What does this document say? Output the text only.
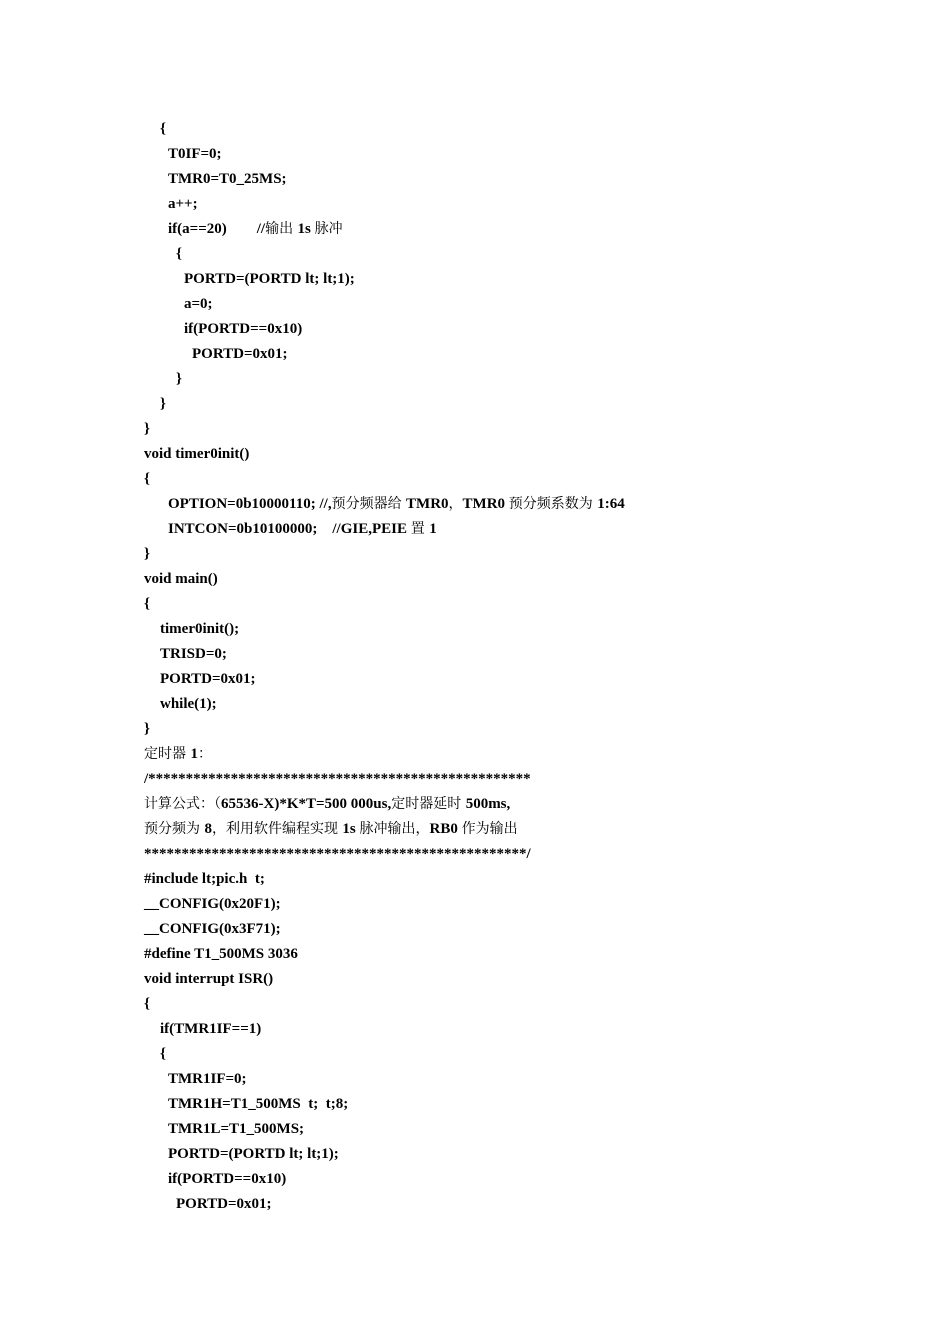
{
T0IF=0;
TMR0=T0_25MS;
a++;
if(a==20)        //输出 1s 脉冲
{
PORTD=(PORTD lt; lt;1);
a=0;
if(PORTD==0x10)
PORTD=0x01;
}
}
}
void timer0init()
{
OPTION=0b10000110; //,预分频器给 TMR0，TMR0 预分频系数为 1:64
INTCON=0b10100000;    //GIE,PEIE 置 1
}
void main()
{
timer0init();
TRISD=0;
PORTD=0x01;
while(1);
}
定时器 1：
/***************************************************
计算公式：（65536-X)*K*T=500 000us,定时器延时 500ms,
预分频为 8，利用软件编程实现 1s 脉冲输出，RB0 作为输出
***************************************************/
#include lt;pic.h  t;
__CONFIG(0x20F1);
__CONFIG(0x3F71);
#define T1_500MS 3036
void interrupt ISR()
{
if(TMR1IF==1)
{
TMR1IF=0;
TMR1H=T1_500MS  t;  t;8;
TMR1L=T1_500MS;
PORTD=(PORTD lt; lt;1);
if(PORTD==0x10)
PORTD=0x01;
